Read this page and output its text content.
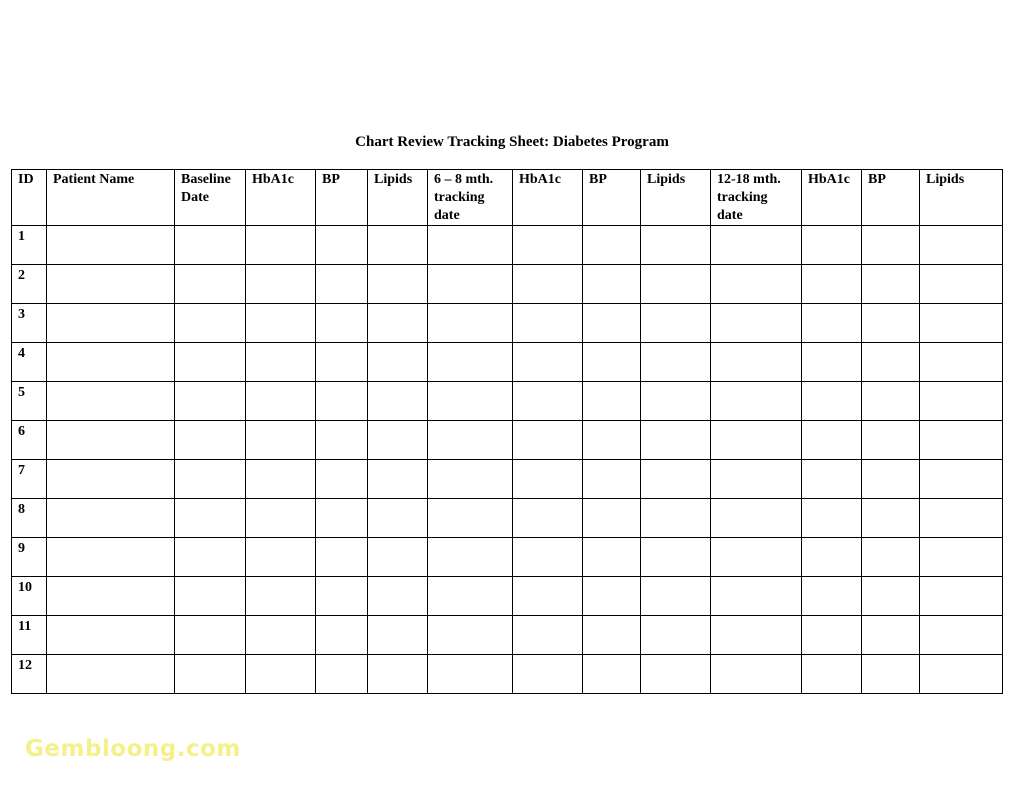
Chart Review Tracking Sheet: Diabetes Program
ID	Patient Name	Baseline Date	HbA1c	BP	Lipids	6 – 8 mth. tracking date	HbA1c	BP	Lipids	12-18 mth. tracking date	HbA1c	BP	Lipids
1													
2													
3													
4													
5													
6													
7													
8													
9													
10													
11													
12													
Gembloong.com
